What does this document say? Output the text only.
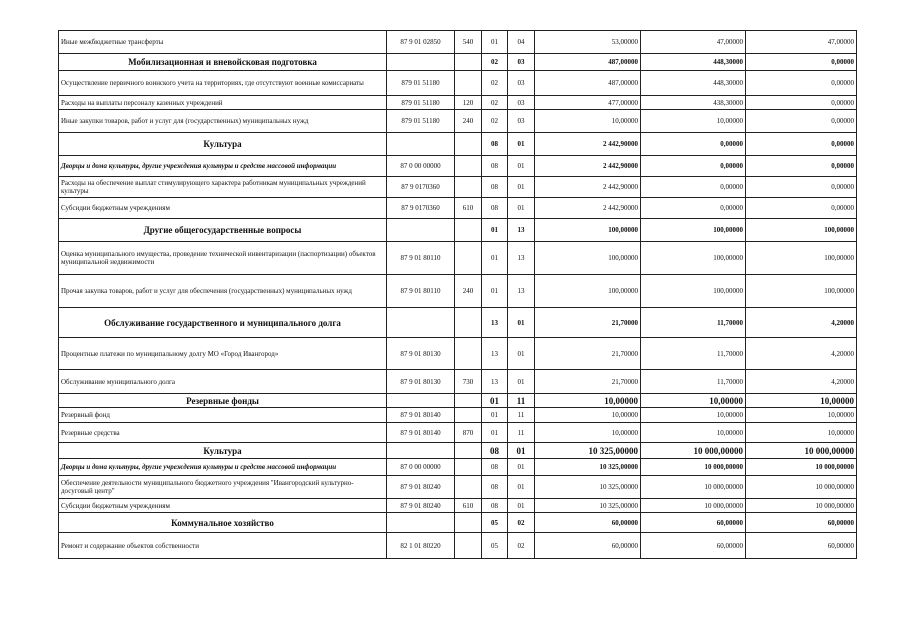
Иные межбюджетные трансферты	87 9 01 02850	540	01	04	53,00000	47,00000	47,00000
Мобилизационная и вневойсковая подготовка			02	03	487,00000	448,30000	0,00000
Осуществление первичного воинского учета на территориях, где отсутствуют военные комиссариаты	879 01 51180		02	03	487,00000	448,30000	0,00000
Расходы на выплаты персоналу казенных учреждений	879 01 51180	120	02	03	477,00000	438,30000	0,00000
Иные закупки товаров, работ и услуг для (государственных) муниципальных нужд	879 01 51180	240	02	03	10,00000	10,00000	0,00000
Культура			08	01	2 442,90000	0,00000	0,00000
Дворцы и дома культуры, другие учреждения культуры и средств массовой информации	87 0 00 00000		08	01	2 442,90000	0,00000	0,00000
Расходы на обеспечение выплат стимулирующего характера работникам муниципальных учреждений культуры	87 9 0170360		08	01	2 442,90000	0,00000	0,00000
Субсидии бюджетным учреждениям	87 9 0170360	610	08	01	2 442,90000	0,00000	0,00000
Другие общегосударственные вопросы			01	13	100,00000	100,00000	100,00000
Оценка муниципального имущества, проведение технической инвентаризации (паспортизации) объектов муниципальной недвижимости	87 9 01 80110		01	13	100,00000	100,00000	100,00000
Прочая закупка товаров, работ и услуг для обеспечения (государственных) муниципальных нужд	87 9 01 80110	240	01	13	100,00000	100,00000	100,00000
Обслуживание государственного и муниципального долга			13	01	21,70000	11,70000	4,20000
Процентные платежи по муниципальному долгу МО «Город Ивангород»	87 9 01 80130		13	01	21,70000	11,70000	4,20000
Обслуживание муниципального долга	87 9 01 80130	730	13	01	21,70000	11,70000	4,20000
Резервные фонды			01	11	10,00000	10,00000	10,00000
Резервный фонд	87 9 01 80140		01	11	10,00000	10,00000	10,00000
Резервные средства	87 9 01 80140	870	01	11	10,00000	10,00000	10,00000
Культура			08	01	10 325,00000	10 000,00000	10 000,00000
Дворцы и дома культуры, другие учреждения культуры и средств массовой информации	87 0 00 00000		08	01	10 325,00000	10 000,00000	10 000,00000
Обеспечение деятельности муниципального бюджетного учреждения "Ивангородский культурно-досуговый центр"	87 9 01 80240		08	01	10 325,00000	10 000,00000	10 000,00000
Субсидии бюджетным учреждениям	87 9 01 80240	610	08	01	10 325,00000	10 000,00000	10 000,00000
Коммунальное хозяйство			05	02	60,00000	60,00000	60,00000
Ремонт и содержание объектов собственности	82 1 01 80220		05	02	60,00000	60,00000	60,00000
